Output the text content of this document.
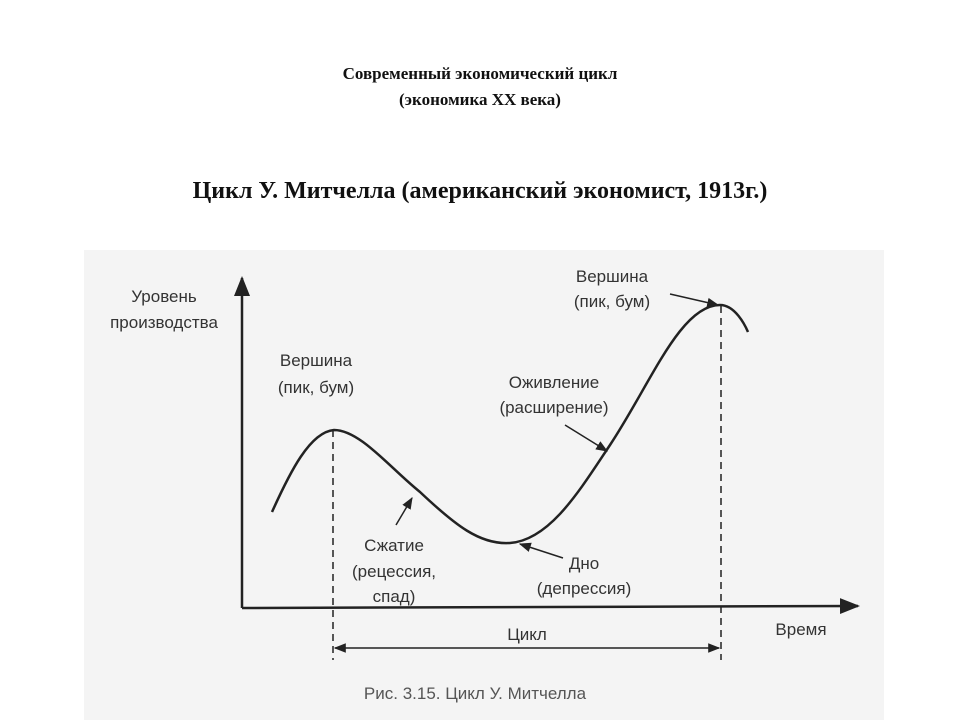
Современный экономический цикл
(экономика XX века)
Цикл У. Митчелла (американский экономист, 1913г.)
Уровень
производства
Время
Вершина
(пик, бум)
Вершина
(пик, бум)
Оживление
(расширение)
Сжатие
(рецессия,
спад)
Дно
(депрессия)
Цикл
Рис. 3.15. Цикл У. Митчелла
